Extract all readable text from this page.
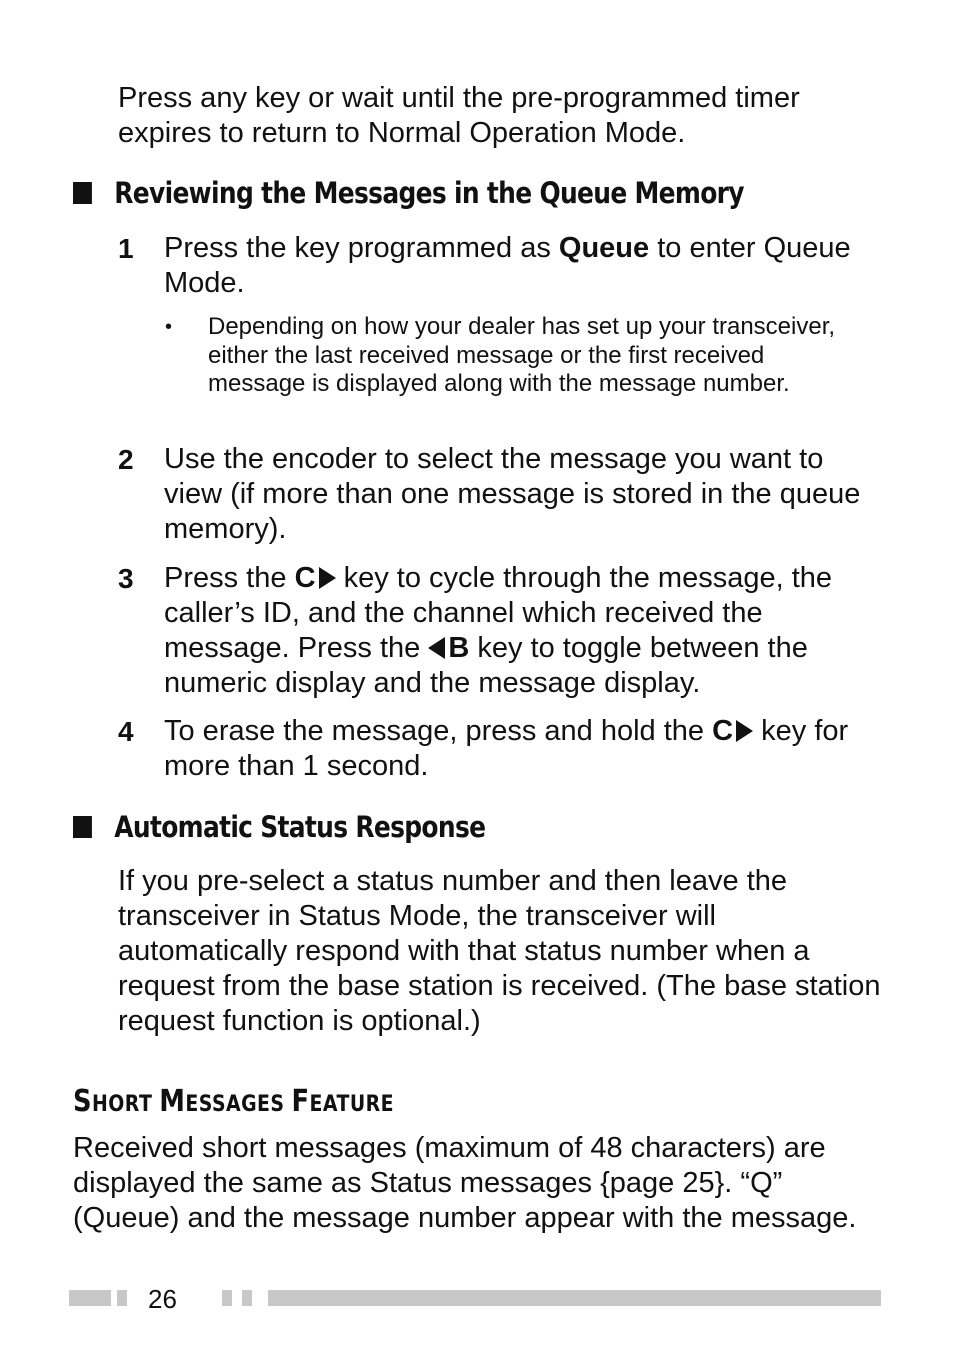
Press any key or wait until the pre-programmed timer expires to return to Normal Operation Mode.

Reviewing the Messages in the Queue Memory
1 Press the key programmed as Queue to enter Queue Mode.
• Depending on how your dealer has set up your transceiver, either the last received message or the first received message is displayed along with the message number.
2 Use the encoder to select the message you want to view (if more than one message is stored in the queue memory).
3 Press the C key to cycle through the message, the caller’s ID, and the channel which received the message. Press the B key to toggle between the numeric display and the message display.
4 To erase the message, press and hold the C key for more than 1 second.
Automatic Status Response

If you pre-select a status number and then leave the transceiver in Status Mode, the transceiver will automatically respond with that status number when a request from the base station is received. (The base station request function is optional.)

SHORT MESSAGES FEATURE

Received short messages (maximum of 48 characters) are displayed the same as Status messages {page 25}. “Q” (Queue) and the message number appear with the message.

26
